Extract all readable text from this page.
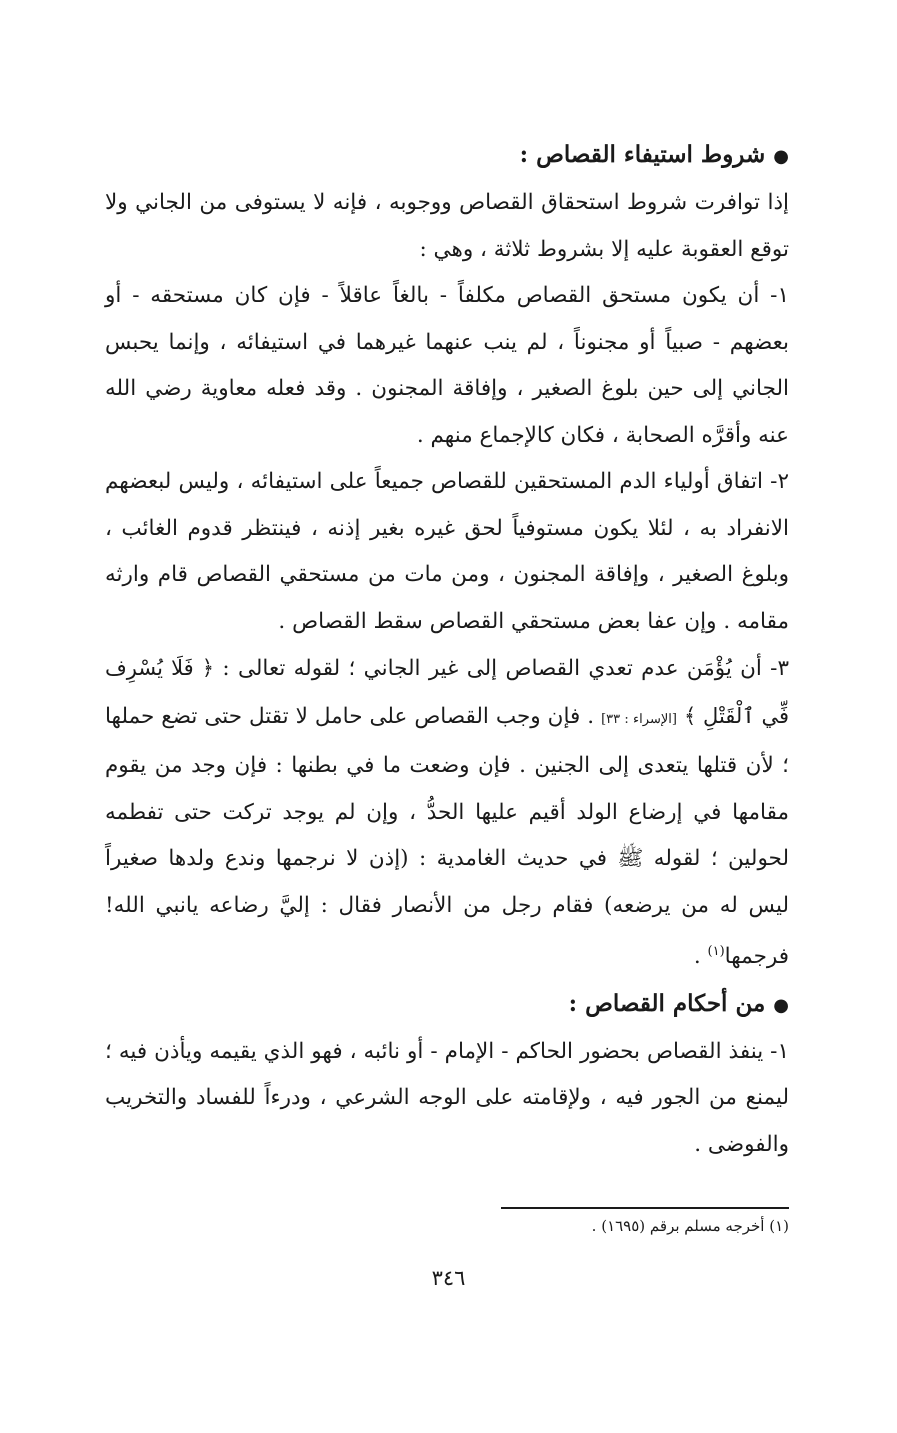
●شروط استيفاء القصاص :

إذا توافرت شروط استحقاق القصاص ووجوبه ، فإنه لا يستوفى من الجاني ولا توقع العقوبة عليه إلا بشروط ثلاثة ، وهي :

١- أن يكون مستحق القصاص مكلفاً - بالغاً عاقلاً - فإن كان مستحقه - أو بعضهم - صبياً أو مجنوناً ، لم ينب عنهما غيرهما في استيفائه ، وإنما يحبس الجاني إلى حين بلوغ الصغير ، وإفاقة المجنون . وقد فعله معاوية رضي الله عنه وأقرَّه الصحابة ، فكان كالإجماع منهم .

٢- اتفاق أولياء الدم المستحقين للقصاص جميعاً على استيفائه ، وليس لبعضهم الانفراد به ، لئلا يكون مستوفياً لحق غيره بغير إذنه ، فينتظر قدوم الغائب ، وبلوغ الصغير ، وإفاقة المجنون ، ومن مات من مستحقي القصاص قام وارثه مقامه . وإن عفا بعض مستحقي القصاص سقط القصاص .

٣- أن يُؤْمَن عدم تعدي القصاص إلى غير الجاني ؛ لقوله تعالى : ﴿ فَلَا يُسْرِف فِّي ٱلْقَتْلِ ﴾ [الإسراء : ٣٣] . فإن وجب القصاص على حامل لا تقتل حتى تضع حملها ؛ لأن قتلها يتعدى إلى الجنين . فإن وضعت ما في بطنها : فإن وجد من يقوم مقامها في إرضاع الولد أقيم عليها الحدُّ ، وإن لم يوجد تركت حتى تفطمه لحولين ؛ لقوله ﷺ في حديث الغامدية : (إذن لا نرجمها وندع ولدها صغيراً ليس له من يرضعه) فقام رجل من الأنصار فقال : إليَّ رضاعه يانبي الله! فرجمها$^{(١)}$ .

●من أحكام القصاص :

١- ينفذ القصاص بحضور الحاكم - الإمام - أو نائبه ، فهو الذي يقيمه ويأذن فيه ؛ ليمنع من الجور فيه ، ولإقامته على الوجه الشرعي ، ودرءاً للفساد والتخريب والفوضى .

(١) أخرجه مسلم برقم (١٦٩٥) .
٣٤٦
